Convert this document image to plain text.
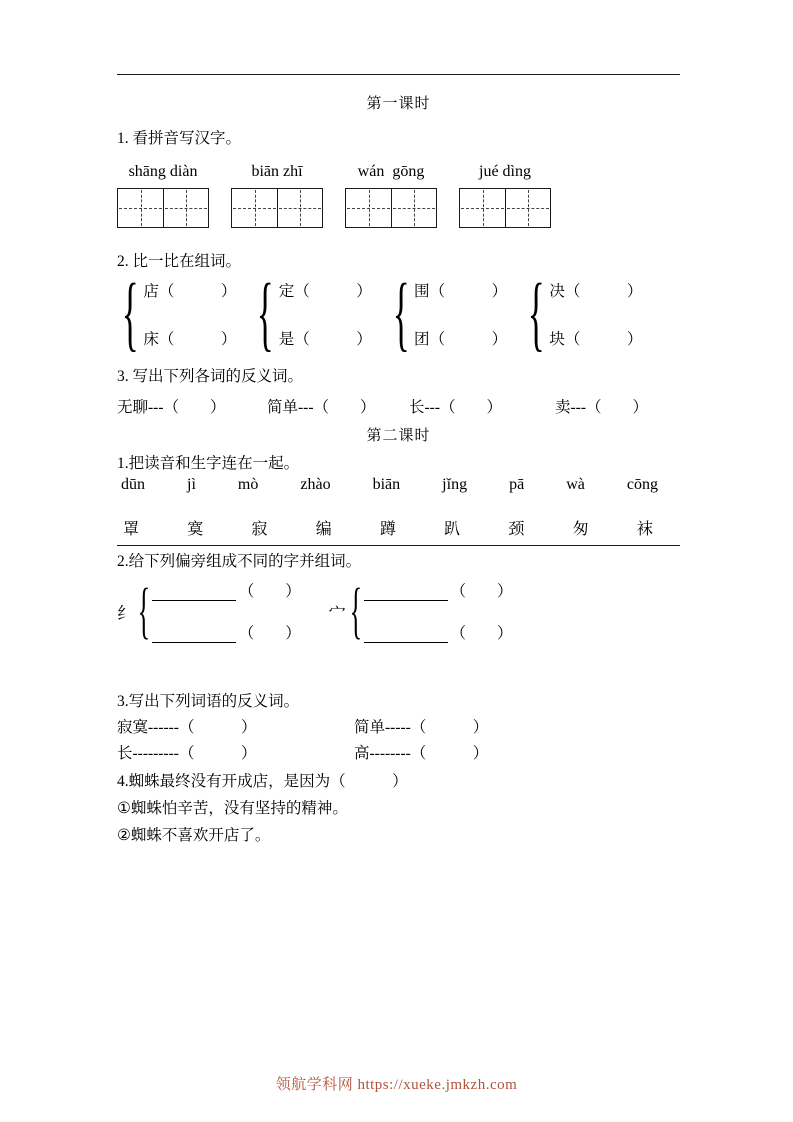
第一课时
1. 看拼音写汉字。
shāng diàn	biān zhī	wán  gōng	jué dìng
2. 比一比在组词。
{
店（　　　）
床（　　　）
{
定（　　　）
是（　　　）
{
围（　　　）
团（　　　）
{
决（　　　）
块（　　　）
3. 写出下列各词的反义词。
无聊---（　　）	简单---（　　）	长---（　　）	卖---（　　）
第二课时
1.把读音和生字连在一起。
dūn	jì	mò	zhào	biān	jǐng	pā	wà	cōng
罩	寞	寂	编	蹲	趴	颈	匆	袜
2.给下列偏旁组成不同的字并组词。
纟
{
（　　）
（　　）
宀
{
（　　）
（　　）
3.写出下列词语的反义词。
寂寞------（　　　）	简单-----（　　　）
长---------（　　　）	高--------（　　　）
4.蜘蛛最终没有开成店，是因为（　　　）
①蜘蛛怕辛苦，没有坚持的精神。
②蜘蛛不喜欢开店了。
领航学科网 https://xueke.jmkzh.com
